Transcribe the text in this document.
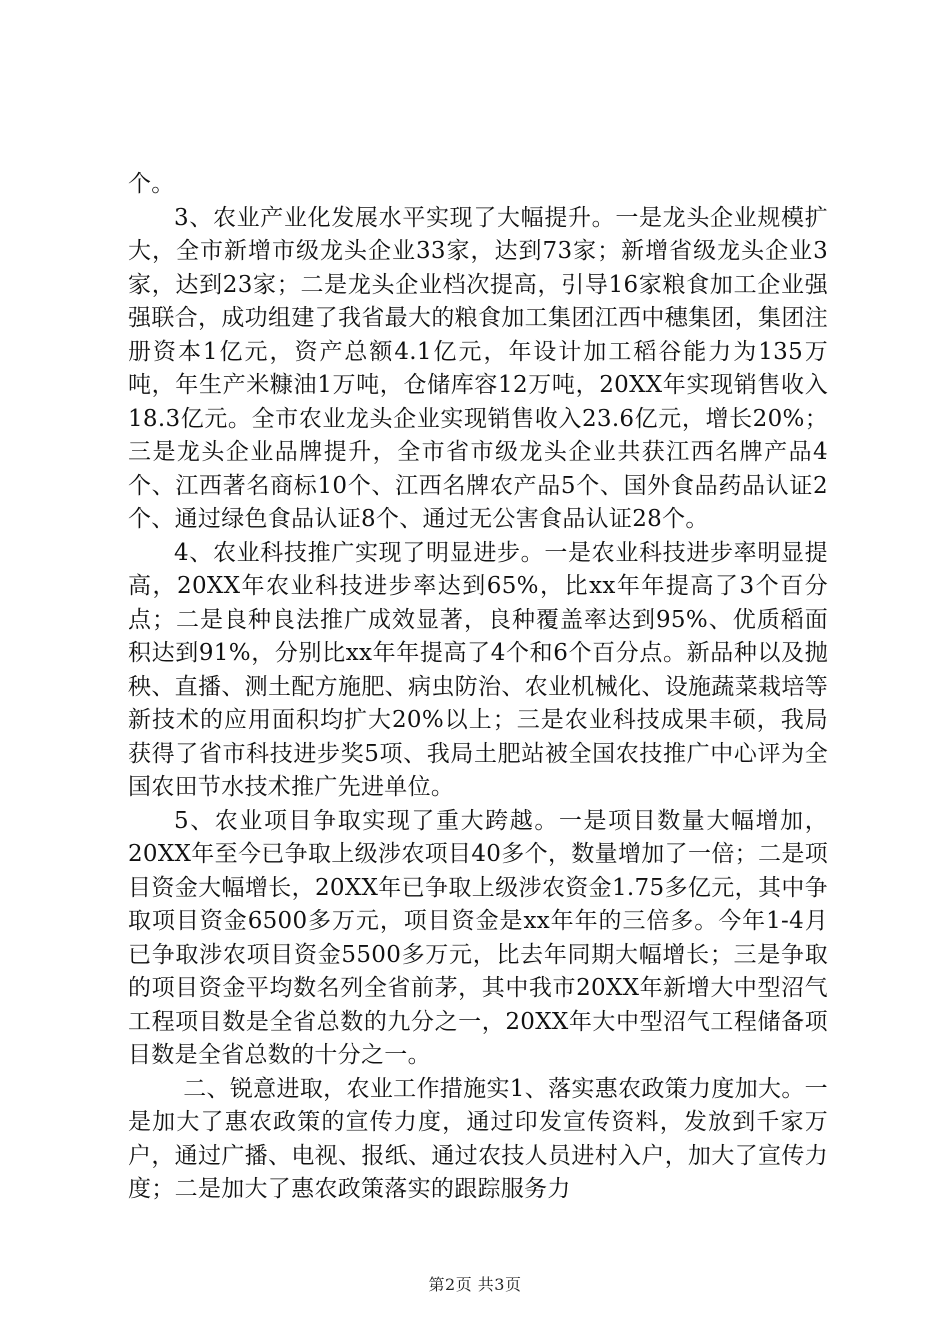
个。

3、农业产业化发展水平实现了大幅提升。一是龙头企业规模扩大，全市新增市级龙头企业33家，达到73家；新增省级龙头企业3家，达到23家；二是龙头企业档次提高，引导16家粮食加工企业强强联合，成功组建了我省最大的粮食加工集团江西中穗集团，集团注册资本1亿元，资产总额4.1亿元，年设计加工稻谷能力为135万吨，年生产米糠油1万吨，仓储库容12万吨，20XX年实现销售收入18.3亿元。全市农业龙头企业实现销售收入23.6亿元，增长20%；三是龙头企业品牌提升，全市省市级龙头企业共获江西名牌产品4个、江西著名商标10个、江西名牌农产品5个、国外食品药品认证2个、通过绿色食品认证8个、通过无公害食品认证28个。

4、农业科技推广实现了明显进步。一是农业科技进步率明显提高，20XX年农业科技进步率达到65%，比xx年年提高了3个百分点；二是良种良法推广成效显著，良种覆盖率达到95%、优质稻面积达到91%，分别比xx年年提高了4个和6个百分点。新品种以及抛秧、直播、测土配方施肥、病虫防治、农业机械化、设施蔬菜栽培等新技术的应用面积均扩大20%以上；三是农业科技成果丰硕，我局获得了省市科技进步奖5项、我局土肥站被全国农技推广中心评为全国农田节水技术推广先进单位。

5、农业项目争取实现了重大跨越。一是项目数量大幅增加，20XX年至今已争取上级涉农项目40多个，数量增加了一倍；二是项目资金大幅增长，20XX年已争取上级涉农资金1.75多亿元，其中争取项目资金6500多万元，项目资金是xx年年的三倍多。今年1-4月已争取涉农项目资金5500多万元，比去年同期大幅增长；三是争取的项目资金平均数名列全省前茅，其中我市20XX年新增大中型沼气工程项目数是全省总数的九分之一，20XX年大中型沼气工程储备项目数是全省总数的十分之一。

二、锐意进取，农业工作措施实1、落实惠农政策力度加大。一是加大了惠农政策的宣传力度，通过印发宣传资料，发放到千家万户，通过广播、电视、报纸、通过农技人员进村入户，加大了宣传力度；二是加大了惠农政策落实的跟踪服务力

第2页 共3页
